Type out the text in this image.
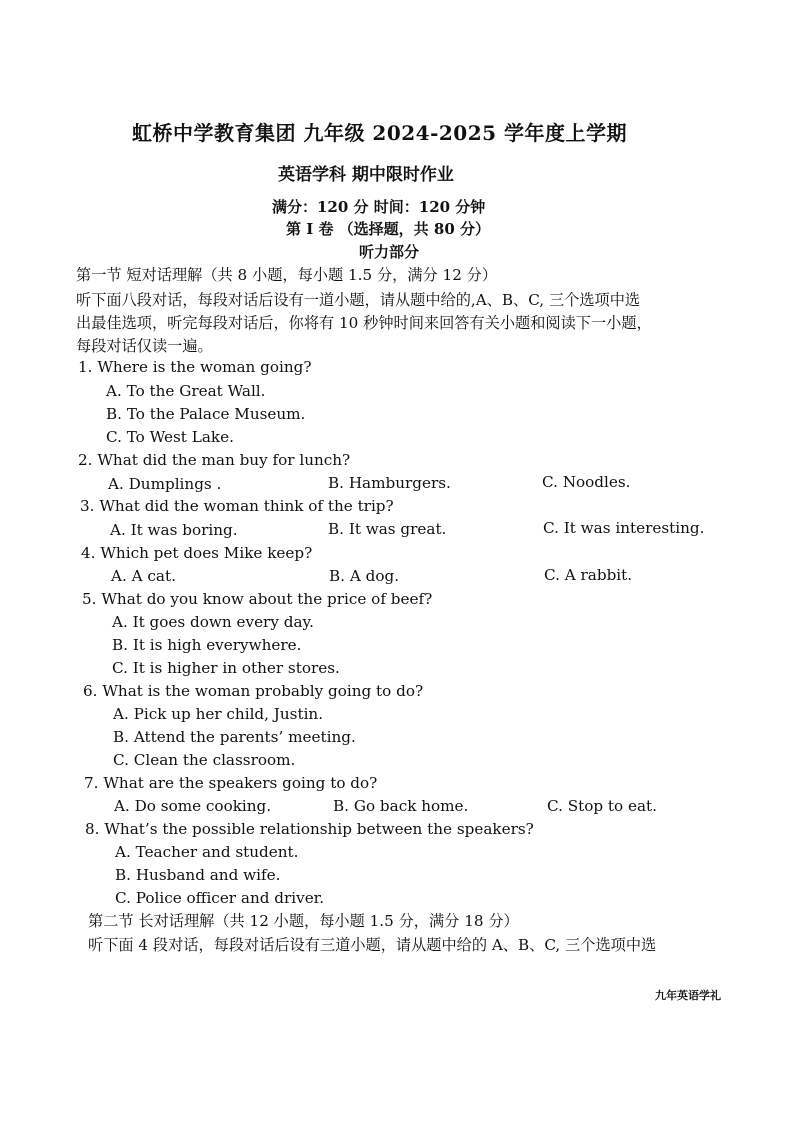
虹桥中学教育集团 九年级 2024-2025 学年度上学期
英语学科 期中限时作业
满分：120 分 时间：120 分钟
第 I 卷 （选择题，共 80 分）
听力部分
第一节 短对话理解（共 8 小题，每小题 1.5 分，满分 12 分）
听下面八段对话，每段对话后设有一道小题，请从题中给的,A、B、C, 三个选项中选
出最佳选项，听完每段对话后，你将有 10 秒钟时间来回答有关小题和阅读下一小题，
每段对话仅读一遍。
1. Where is the woman going?
A. To the Great Wall.
B. To the Palace Museum.
C. To West Lake.
2. What did the man buy for lunch?
A. Dumplings .	B. Hamburgers.	C. Noodles.
3. What did the woman think of the trip?
A. It was boring.	B. It was great.	C. It was interesting.
4. Which pet does Mike keep?
A. A cat.	B. A dog.	C. A rabbit.
5. What do you know about the price of beef?
A. It goes down every day.
B. It is high everywhere.
C. It is higher in other stores.
6. What is the woman probably going to do?
A. Pick up her child, Justin.
B. Attend the parents’ meeting.
C. Clean the classroom.
7. What are the speakers going to do?
A. Do some cooking.	B. Go back home.	C. Stop to eat.
8. What’s the possible relationship between the speakers?
A. Teacher and student.
B. Husband and wife.
C. Police officer and driver.
第二节 长对话理解（共 12 小题，每小题 1.5 分，满分 18 分）
听下面 4 段对话，每段对话后设有三道小题，请从题中给的 A、B、C, 三个选项中选
九年英语学礼
